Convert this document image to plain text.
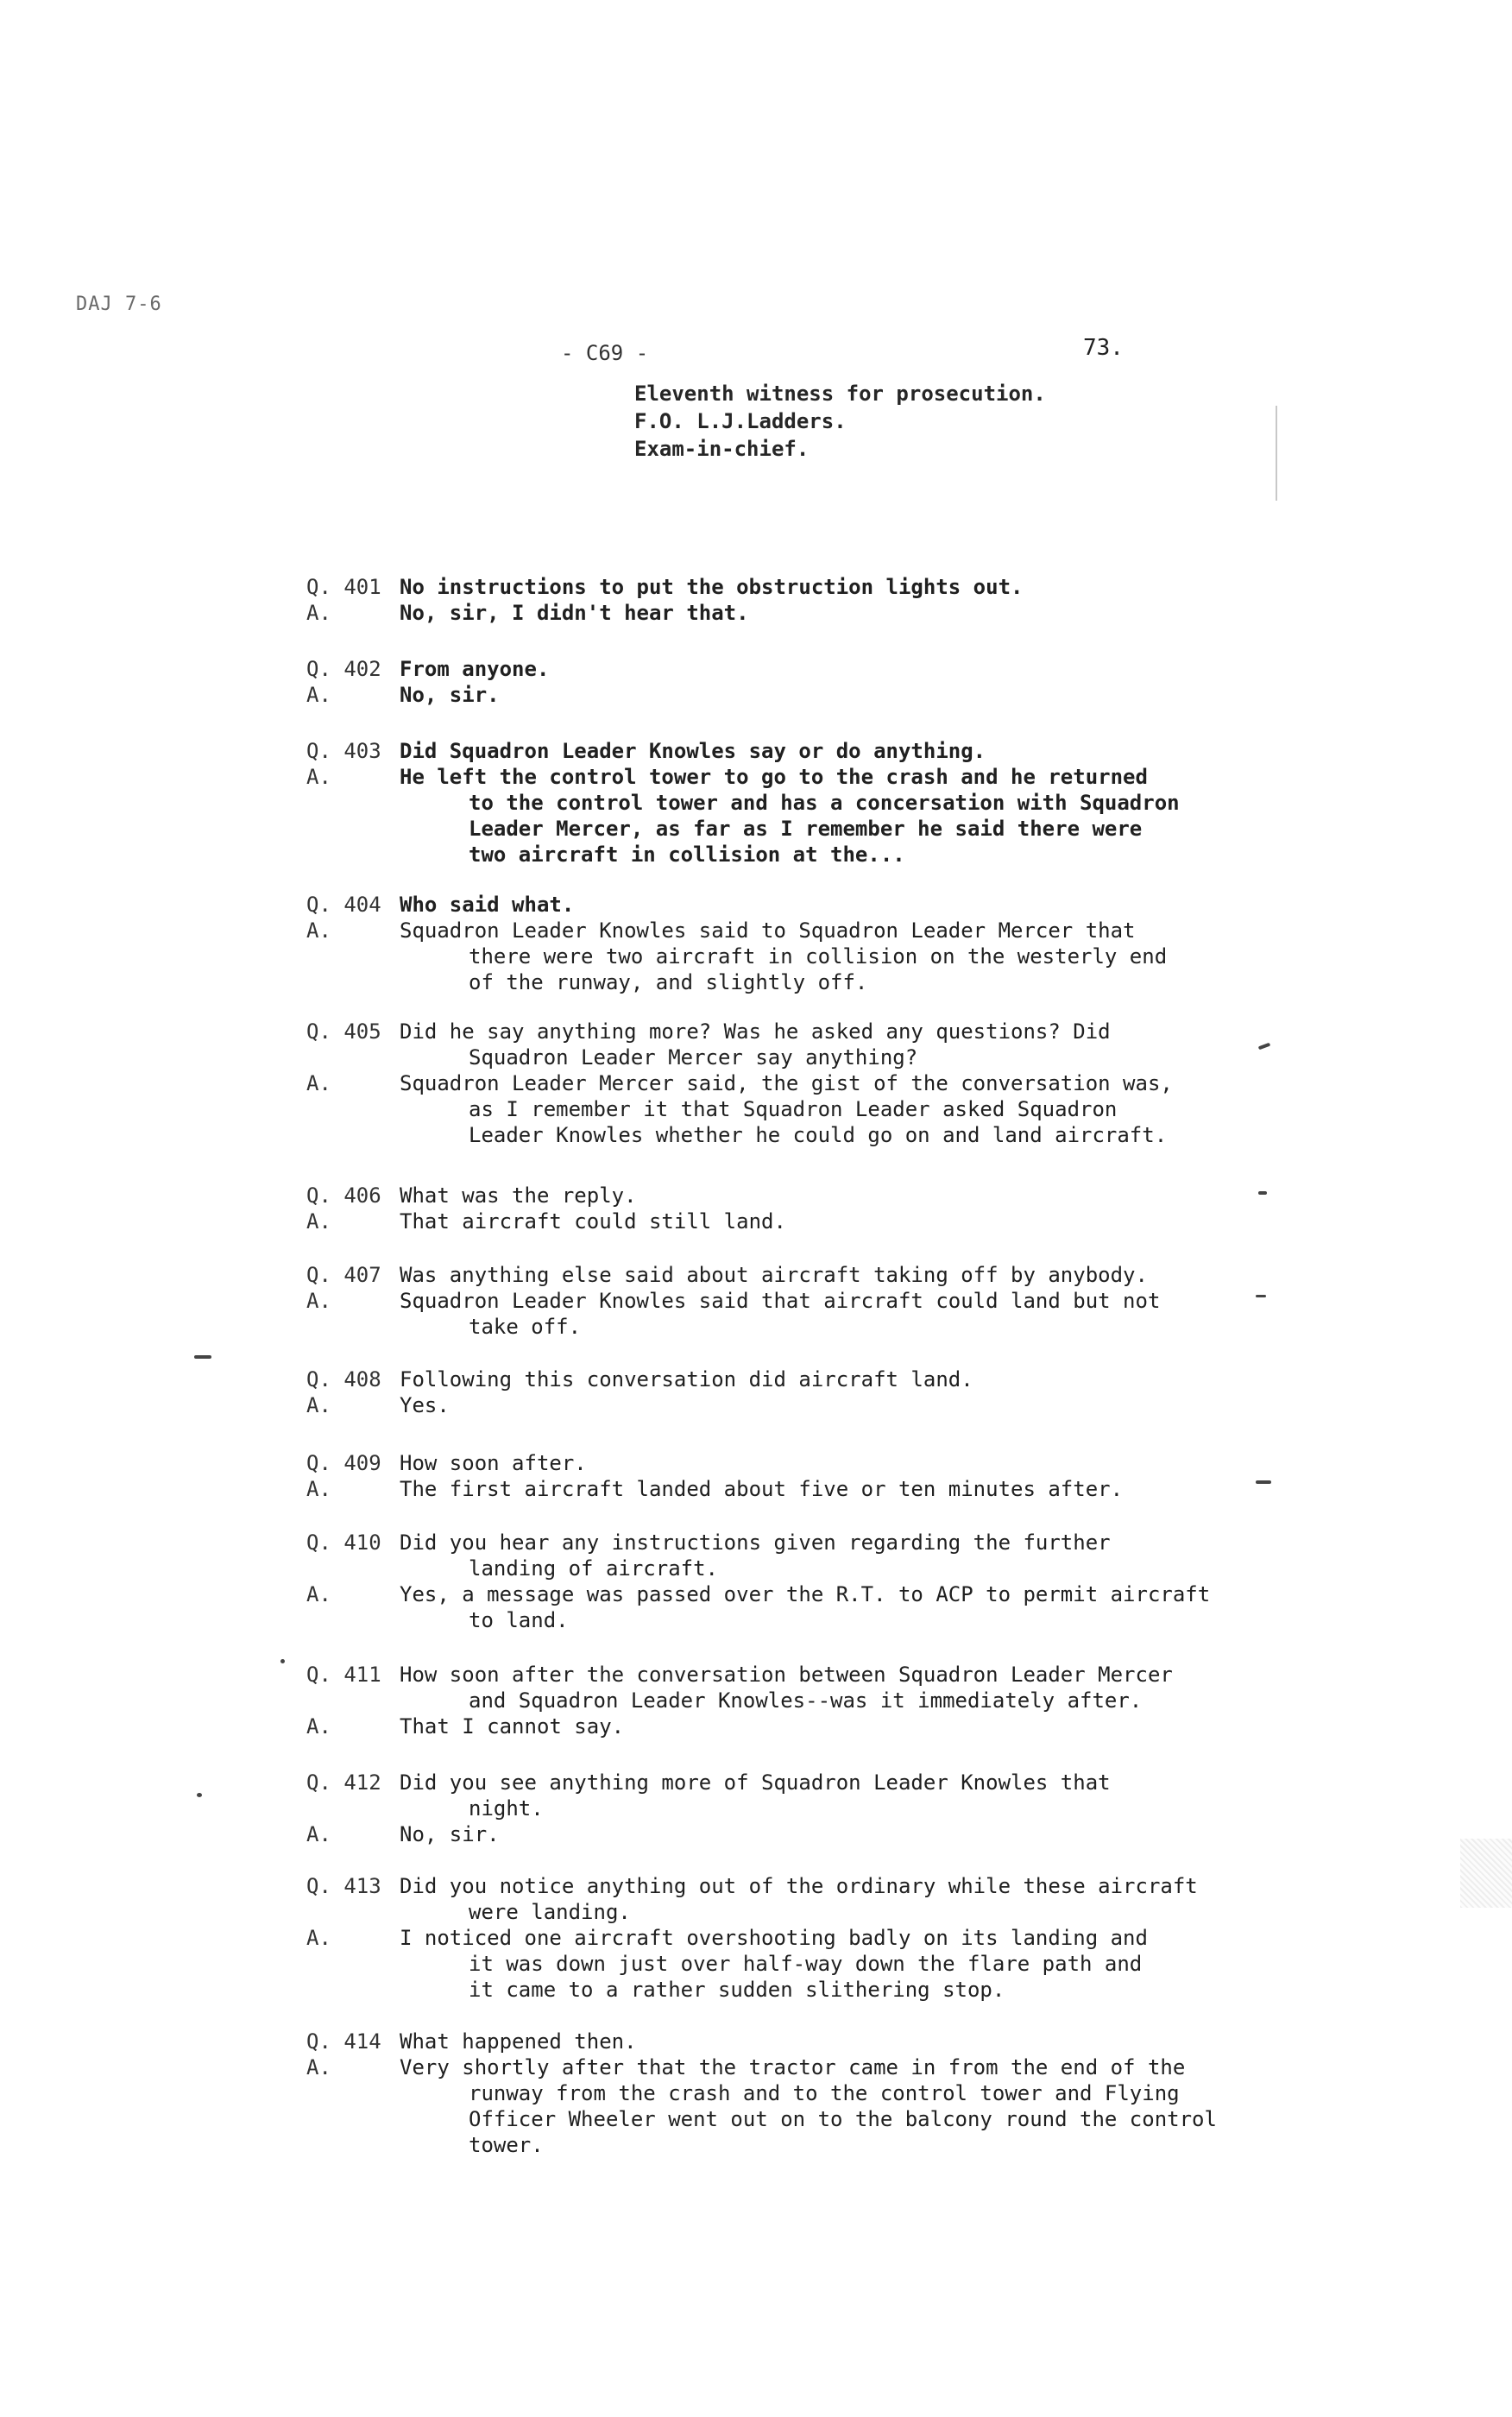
DAJ 7-6
- C69 -	73.
Eleventh witness for prosecution.
F.O. L.J.Ladders.
Exam-in-chief.
Q. 401 No instructions to put the obstruction lights out.
A.	No, sir, I didn't hear that.
Q. 402 From anyone.
A.	No, sir.
Q. 403 Did Squadron Leader Knowles say or do anything.
A.	He left the control tower to go to the crash and he returned
to the control tower and has a concersation with Squadron
Leader Mercer, as far as I remember he said there were
two aircraft in collision at the...
Q. 404 Who said what.
A.	Squadron Leader Knowles said to Squadron Leader Mercer that
there were two aircraft in collision on the westerly end
of the runway, and slightly off.
Q. 405 Did he say anything more? Was he asked any questions? Did
Squadron Leader Mercer say anything?
A.	Squadron Leader Mercer said, the gist of the conversation was,
as I remember it that Squadron Leader asked Squadron
Leader Knowles whether he could go on and land aircraft.
Q. 406 What was the reply.
A.	That aircraft could still land.
Q. 407 Was anything else said about aircraft taking off by anybody.
A.	Squadron Leader Knowles said that aircraft could land but not
take off.
Q. 408 Following this conversation did aircraft land.
A.	Yes.
Q. 409 How soon after.
A.	The first aircraft landed about five or ten minutes after.
Q. 410 Did you hear any instructions given regarding the further
landing of aircraft.
A.	Yes, a message was passed over the R.T. to ACP to permit aircraft
to land.
Q. 411 How soon after the conversation between Squadron Leader Mercer
and Squadron Leader Knowles--was it immediately after.
A.	That I cannot say.
Q. 412 Did you see anything more of Squadron Leader Knowles that
night.
A.	No, sir.
Q. 413 Did you notice anything out of the ordinary while these aircraft
were landing.
A.	I noticed one aircraft overshooting badly on its landing and
it was down just over half-way down the flare path and
it came to a rather sudden slithering stop.
Q. 414 What happened then.
A.	Very shortly after that the tractor came in from the end of the
runway from the crash and to the control tower and Flying
Officer Wheeler went out on to the balcony round the control
tower.
